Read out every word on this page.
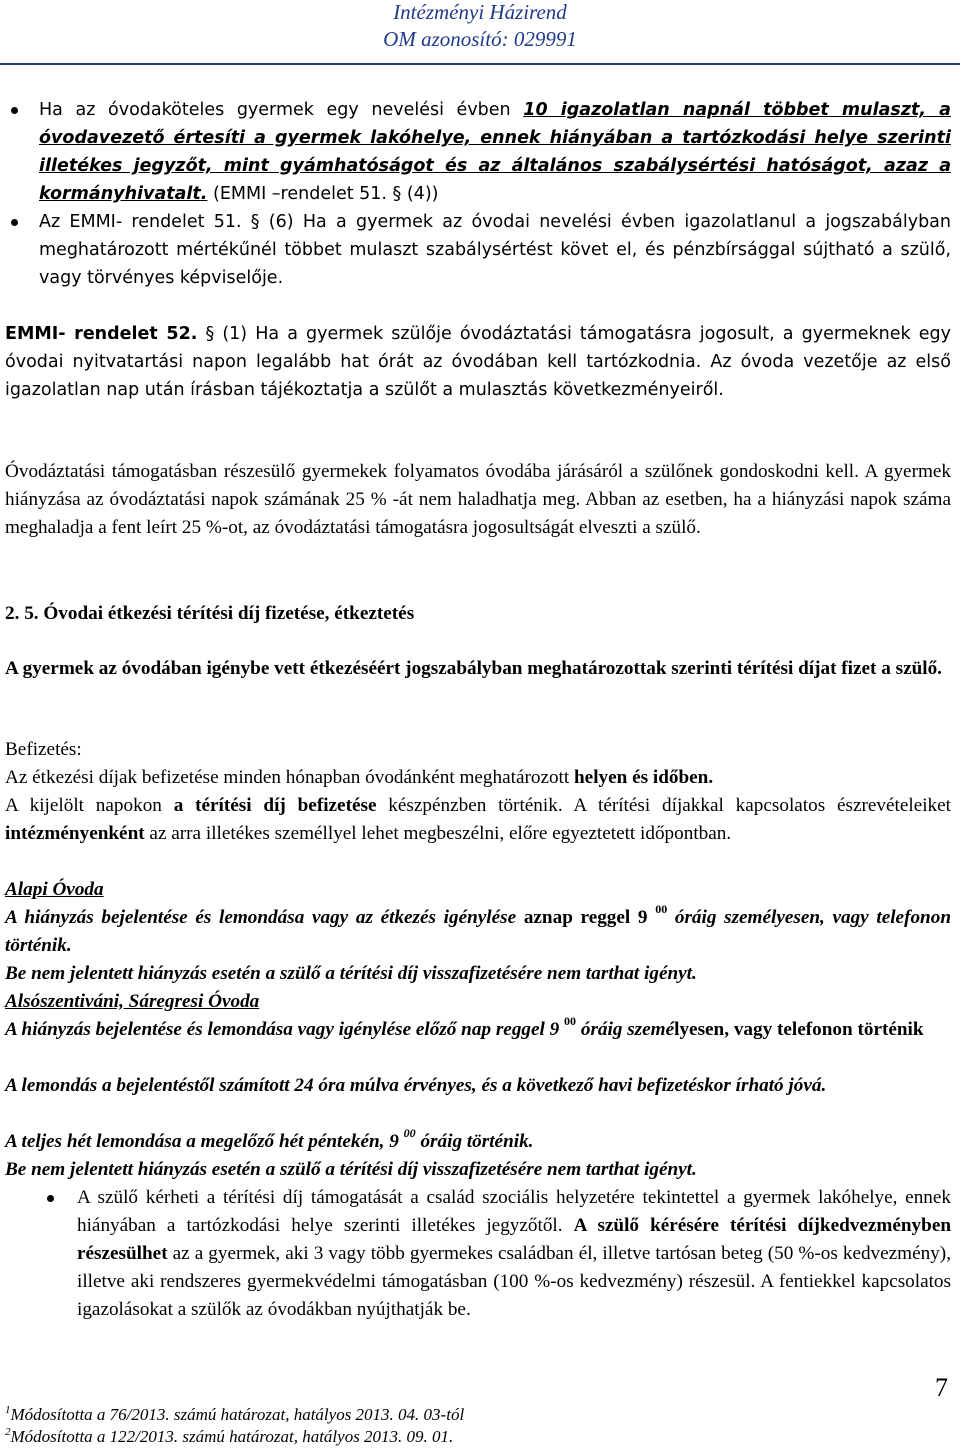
Intézményi Házirend
OM azonosító: 029991
Ha az óvodaköteles gyermek egy nevelési évben 10 igazolatlan napnál többet mulaszt, a óvodavezető értesíti a gyermek lakóhelye, ennek hiányában a tartózkodási helye szerinti illetékes jegyzőt, mint gyámhatóságot és az általános szabálysértési hatóságot, azaz a kormányhivatalt. (EMMI –rendelet 51. § (4))
Az EMMI- rendelet 51. § (6) Ha a gyermek az óvodai nevelési évben igazolatlanul a jogszabályban meghatározott mértékűnél többet mulaszt szabálysértést követ el, és pénzbírsággal sújtható a szülő, vagy törvényes képviselője.
EMMI- rendelet 52. § (1) Ha a gyermek szülője óvodáztatási támogatásra jogosult, a gyermeknek egy óvodai nyitvatartási napon legalább hat órát az óvodában kell tartózkodnia. Az óvoda vezetője az első igazolatlan nap után írásban tájékoztatja a szülőt a mulasztás következményeiről.
Óvodáztatási támogatásban részesülő gyermekek folyamatos óvodába járásáról a szülőnek gondoskodni kell. A gyermek hiányzása az óvodáztatási napok számának 25 % -át nem haladhatja meg. Abban az esetben, ha a hiányzási napok száma meghaladja a fent leírt 25 %-ot, az óvodáztatási támogatásra jogosultságát elveszti a szülő.
2. 5. Óvodai étkezési térítési díj fizetése, étkeztetés
A gyermek az óvodában igénybe vett étkezéséért jogszabályban meghatározottak szerinti térítési díjat fizet a szülő.
Befizetés:
Az étkezési díjak befizetése minden hónapban óvodánként meghatározott helyen és időben.
A kijelölt napokon a térítési díj befizetése készpénzben történik. A térítési díjakkal kapcsolatos észrevételeiket intézményenként az arra illetékes személlyel lehet megbeszélni, előre egyeztetett időpontban.
Alapi Óvoda
A hiányzás bejelentése és lemondása vagy az étkezés igénylése aznap reggel 9 $^{00}$ óráig személyesen, vagy telefonon történik.
Be nem jelentett hiányzás esetén a szülő a térítési díj visszafizetésére nem tarthat igényt.
Alsószentiváni, Sáregresi Óvoda
A hiányzás bejelentése és lemondása vagy igénylése előző nap reggel 9 $^{00}$ óráig személyesen, vagy telefonon történik
A lemondás a bejelentéstől számított 24 óra múlva érvényes, és a következő havi befizetéskor írható jóvá.
A teljes hét lemondása a megelőző hét péntekén, 9 $^{00}$ óráig történik.
Be nem jelentett hiányzás esetén a szülő a térítési díj visszafizetésére nem tarthat igényt.
A szülő kérheti a térítési díj támogatását a család szociális helyzetére tekintettel a gyermek lakóhelye, ennek hiányában a tartózkodási helye szerinti illetékes jegyzőtől. A szülő kérésére térítési díjkedvezményben részesülhet az a gyermek, aki 3 vagy több gyermekes családban él, illetve tartósan beteg (50 %-os kedvezmény), illetve aki rendszeres gyermekvédelmi támogatásban (100 %-os kedvezmény) részesül. A fentiekkel kapcsolatos igazolásokat a szülők az óvodákban nyújthatják be.
$^1$Módosította a 76/2013. számú határozat, hatályos 2013. 04. 03-tól
$^2$Módosította a 122/2013. számú határozat, hatályos 2013. 09. 01.
7
